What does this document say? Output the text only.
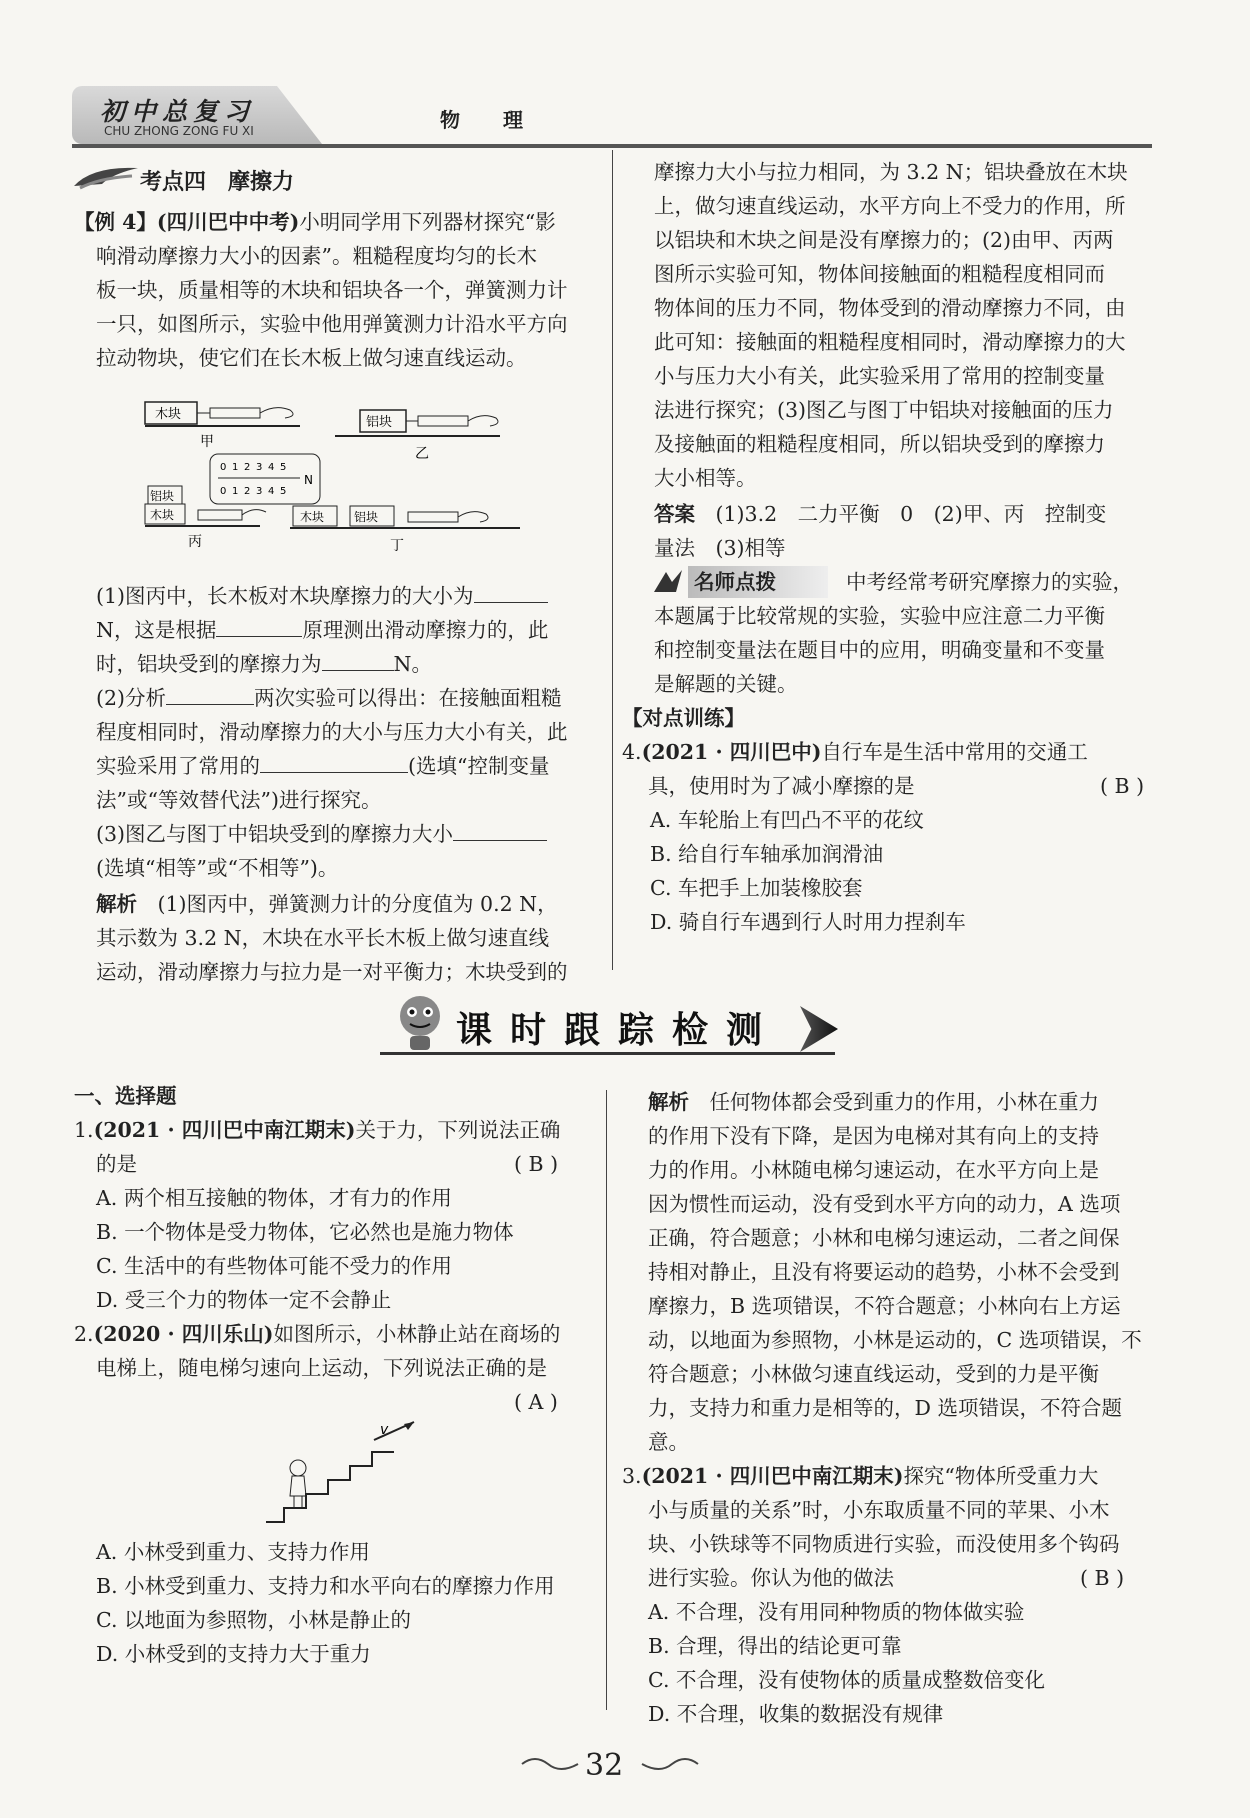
初中总复习
CHU ZHONG ZONG FU XI	物 理
考点四　摩擦力

【例 4】(四川巴中中考)小明同学用下列器材探究“影

响滑动摩擦力大小的因素”。粗糙程度均匀的长木

板一块，质量相等的木块和铝块各一个，弹簧测力计

一只，如图所示，实验中他用弹簧测力计沿水平方向

拉动物块，使它们在长木板上做匀速直线运动。

木块
甲
铝块
乙
0 1 2 3 4 5
0 1 2 3 4 5
N
木块
铝块
丙
木块 铝块
丁

(1)图丙中，长木板对木块摩擦力的大小为

N，这是根据	原理测出滑动摩擦力的，此

时，铝块受到的摩擦力为	N。

(2)分析	两次实验可以得出：在接触面粗糙

程度相同时，滑动摩擦力的大小与压力大小有关，此

实验采用了常用的	(选填“控制变量

法”或“等效替代法”)进行探究。

(3)图乙与图丁中铝块受到的摩擦力大小

(选填“相等”或“不相等”)。

解析　 (1)图丙中，弹簧测力计的分度值为 0.2 N，

其示数为 3.2 N，木块在水平长木板上做匀速直线

运动，滑动摩擦力与拉力是一对平衡力；木块受到的

摩擦力大小与拉力相同，为 3.2 N；铝块叠放在木块

上，做匀速直线运动，水平方向上不受力的作用，所

以铝块和木块之间是没有摩擦力的；(2)由甲、丙两

图所示实验可知，物体间接触面的粗糙程度相同而

物体间的压力不同，物体受到的滑动摩擦力不同，由

此可知：接触面的粗糙程度相同时，滑动摩擦力的大

小与压力大小有关，此实验采用了常用的控制变量

法进行探究；(3)图乙与图丁中铝块对接触面的压力

及接触面的粗糙程度相同，所以铝块受到的摩擦力

大小相等。

答案　 (1)3.2　二力平衡　0　(2)甲、丙　控制变

量法　(3)相等

名师点拨	中考经常考研究摩擦力的实验，

本题属于比较常规的实验，实验中应注意二力平衡

和控制变量法在题目中的应用，明确变量和不变量

是解题的关键。

【对点训练】

4.(2021 · 四川巴中)自行车是生活中常用的交通工

具，使用时为了减小摩擦的是	( B )

A. 车轮胎上有凹凸不平的花纹

B. 给自行车轴承加润滑油

C. 车把手上加装橡胶套

D. 骑自行车遇到行人时用力捏刹车

课时跟踪检测

一、选择题

1.(2021 · 四川巴中南江期末)关于力，下列说法正确

的是	( B )

A. 两个相互接触的物体，才有力的作用

B. 一个物体是受力物体，它必然也是施力物体

C. 生活中的有些物体可能不受力的作用

D. 受三个力的物体一定不会静止

2.(2020 · 四川乐山)如图所示，小林静止站在商场的

电梯上，随电梯匀速向上运动，下列说法正确的是

( A )

v

A. 小林受到重力、支持力作用

B. 小林受到重力、支持力和水平向右的摩擦力作用

C. 以地面为参照物，小林是静止的

D. 小林受到的支持力大于重力

解析　 任何物体都会受到重力的作用，小林在重力

的作用下没有下降，是因为电梯对其有向上的支持

力的作用。小林随电梯匀速运动，在水平方向上是

因为惯性而运动，没有受到水平方向的动力，A 选项

正确，符合题意；小林和电梯匀速运动，二者之间保

持相对静止，且没有将要运动的趋势，小林不会受到

摩擦力，B 选项错误，不符合题意；小林向右上方运

动，以地面为参照物，小林是运动的，C 选项错误，不

符合题意；小林做匀速直线运动，受到的力是平衡

力，支持力和重力是相等的，D 选项错误，不符合题

意。

3.(2021 · 四川巴中南江期末)探究“物体所受重力大

小与质量的关系”时，小东取质量不同的苹果、小木

块、小铁球等不同物质进行实验，而没使用多个钩码

进行实验。你认为他的做法	( B )

A. 不合理，没有用同种物质的物体做实验

B. 合理，得出的结论更可靠

C. 不合理，没有使物体的质量成整数倍变化

D. 不合理，收集的数据没有规律

32
